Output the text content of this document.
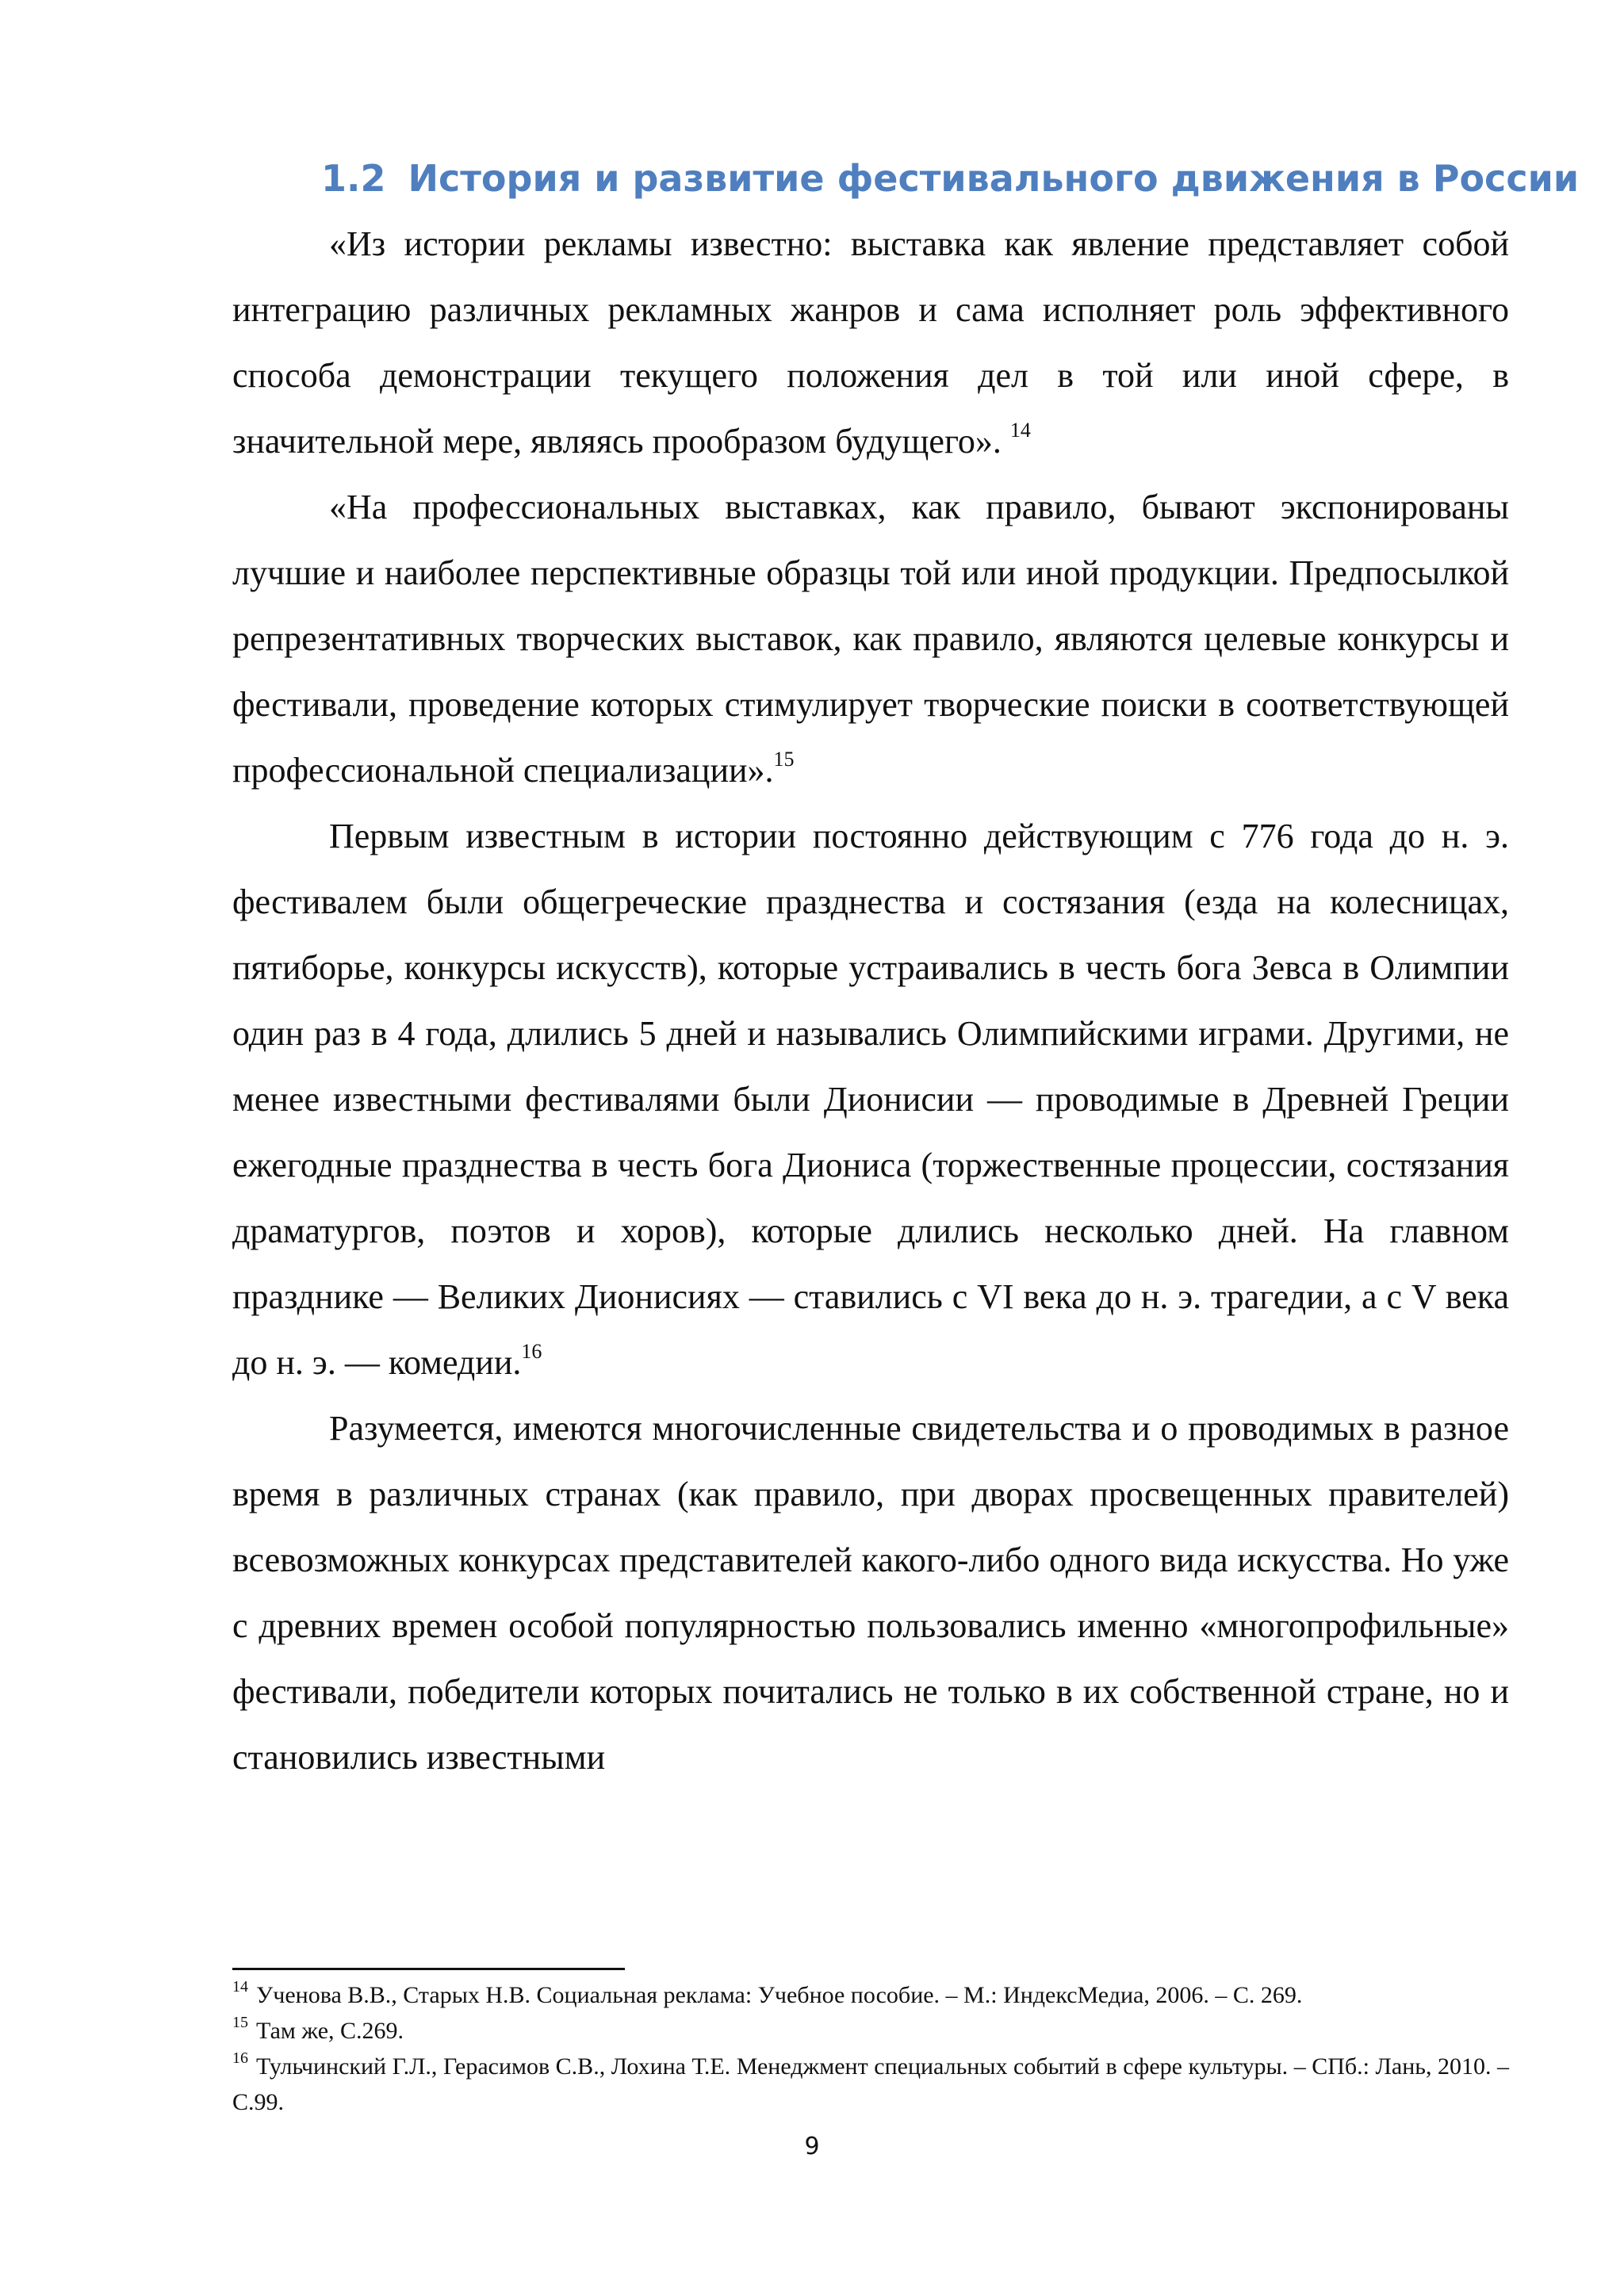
1.2 История и развитие фестивального движения в России

«Из истории рекламы известно: выставка как явление представляет собой интеграцию различных рекламных жанров и сама исполняет роль эффективного способа демонстрации текущего положения дел в той или иной сфере, в значительной мере, являясь прообразом будущего». $^{14}$

«На профессиональных выставках, как правило, бывают экспонированы лучшие и наиболее перспективные образцы той или иной продукции. Предпосылкой репрезентативных творческих выставок, как правило, являются целевые конкурсы и фестивали, проведение которых стимулирует творческие поиски в соответствующей профессиональной специализации».$^{15}$

Первым известным в истории постоянно действующим с 776 года до н. э. фестивалем были общегреческие празднества и состязания (езда на колесницах, пятиборье, конкурсы искусств), которые устраивались в честь бога Зевса в Олимпии один раз в 4 года, длились 5 дней и назывались Олимпийскими играми. Другими, не менее известными фестивалями были Дионисии — проводимые в Древней Греции ежегодные празднества в честь бога Диониса (торжественные процессии, состязания драматургов, поэтов и хоров), которые длились несколько дней. На главном празднике — Великих Дионисиях — ставились с VI века до н. э. трагедии, а с V века до н. э. — комедии.$^{16}$

Разумеется, имеются многочисленные свидетельства и о проводимых в разное время в различных странах (как правило, при дворах просвещенных правителей) всевозможных конкурсах представителей какого-либо одного вида искусства. Но уже с древних времен особой популярностью пользовались именно «многопрофильные» фестивали, победители которых почитались не только в их собственной стране, но и становились известными

$^{14}$ Ученова В.В., Старых Н.В. Социальная реклама: Учебное пособие. – М.: ИндексМедиа, 2006. – С. 269.

$^{15}$ Там же, С.269.

$^{16}$ Тульчинский Г.Л., Герасимов С.В., Лохина Т.Е. Менеджмент специальных событий в сфере культуры. – СПб.: Лань, 2010. – С.99.

9
